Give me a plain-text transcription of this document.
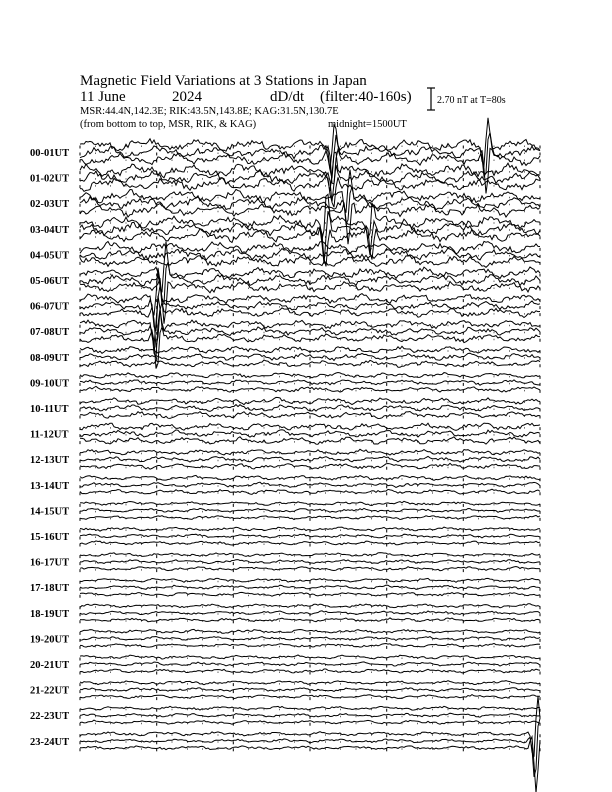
Magnetic Field Variations at 3 Stations in Japan
11 June	2024	dD/dt (filter:40-160s)
MSR:44.4N,142.3E; RIK:43.5N,143.8E; KAG:31.5N,130.7E
(from bottom to top, MSR, RIK, & KAG)	midnight=1500UT
2.70 nT at T=80s
00-01UT
01-02UT
02-03UT
03-04UT
04-05UT
05-06UT
06-07UT
07-08UT
08-09UT
09-10UT
10-11UT
11-12UT
12-13UT
13-14UT
14-15UT
15-16UT
16-17UT
17-18UT
18-19UT
19-20UT
20-21UT
21-22UT
22-23UT
23-24UT
